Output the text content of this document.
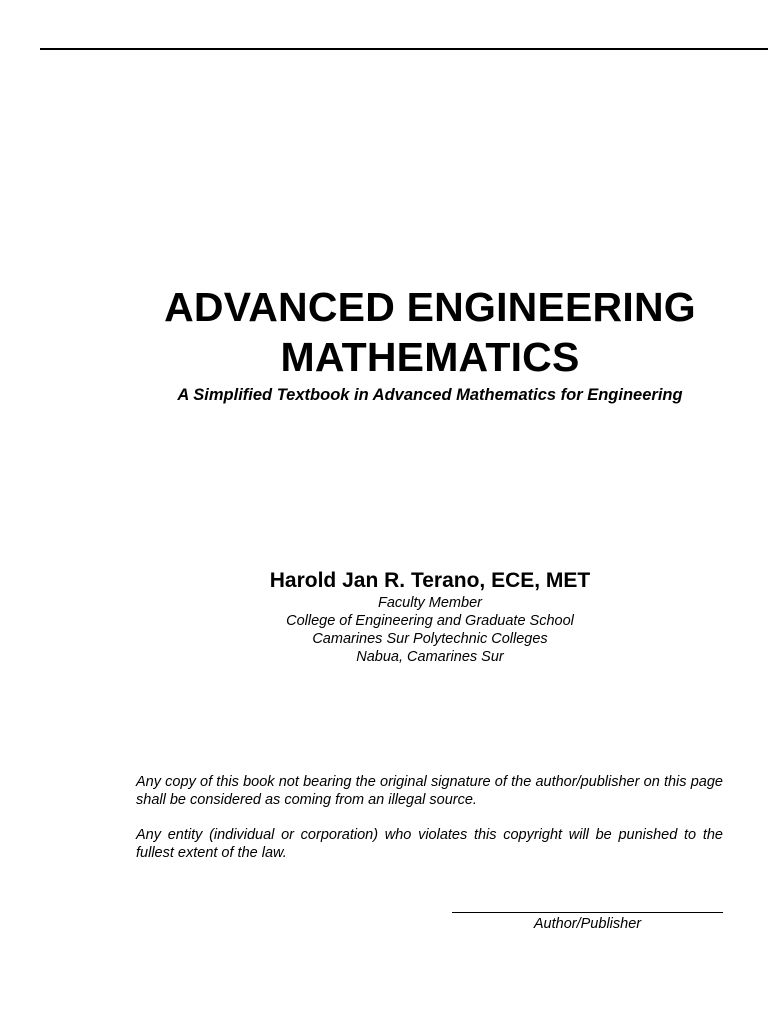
ADVANCED ENGINEERING
MATHEMATICS
A Simplified Textbook in Advanced Mathematics for Engineering
Harold Jan R. Terano, ECE, MET
Faculty Member
College of Engineering and Graduate School
Camarines Sur Polytechnic Colleges
Nabua, Camarines Sur
Any copy of this book not bearing the original signature of the author/publisher on this page shall be considered as coming from an illegal source.
Any entity (individual or corporation) who violates this copyright will be punished to the fullest extent of the law.
Author/Publisher
